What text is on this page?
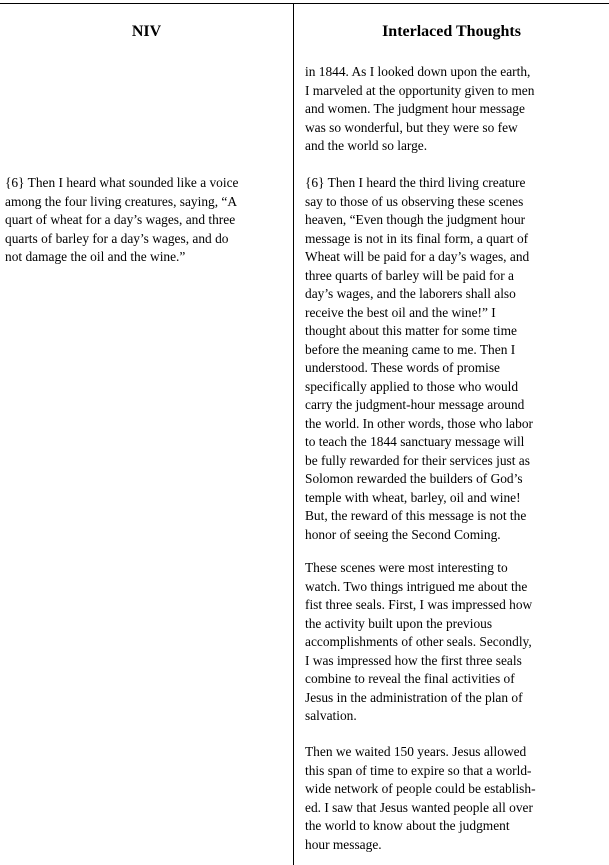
NIV	Interlaced Thoughts
{6} Then I heard what sounded like a voice
among the four living creatures, saying, “A
quart of wheat for a day’s wages, and three
quarts of barley for a day’s wages, and do
not damage the oil and the wine.”
in 1844. As I looked down upon the earth,
I marveled at the opportunity given to men
and women. The judgment hour message
was so wonderful, but they were so few
and the world so large.
{6} Then I heard the third living creature
say to those of us observing these scenes
heaven, “Even though the judgment hour
message is not in its final form, a quart of
Wheat will be paid for a day’s wages, and
three quarts of barley will be paid for a
day’s wages, and the laborers shall also
receive the best oil and the wine!” I
thought about this matter for some time
before the meaning came to me. Then I
understood. These words of promise
specifically applied to those who would
carry the judgment-hour message around
the world. In other words, those who labor
to teach the 1844 sanctuary message will
be fully rewarded for their services just as
Solomon rewarded the builders of God’s
temple with wheat, barley, oil and wine!
But, the reward of this message is not the
honor of seeing the Second Coming.
These scenes were most interesting to
watch. Two things intrigued me about the
fist three seals. First, I was impressed how
the activity built upon the previous
accomplishments of other seals. Secondly,
I was impressed how the first three seals
combine to reveal the final activities of
Jesus in the administration of the plan of
salvation.
Then we waited 150 years. Jesus allowed
this span of time to expire so that a world-
wide network of people could be establish-
ed. I saw that Jesus wanted people all over
the world to know about the judgment
hour message.
